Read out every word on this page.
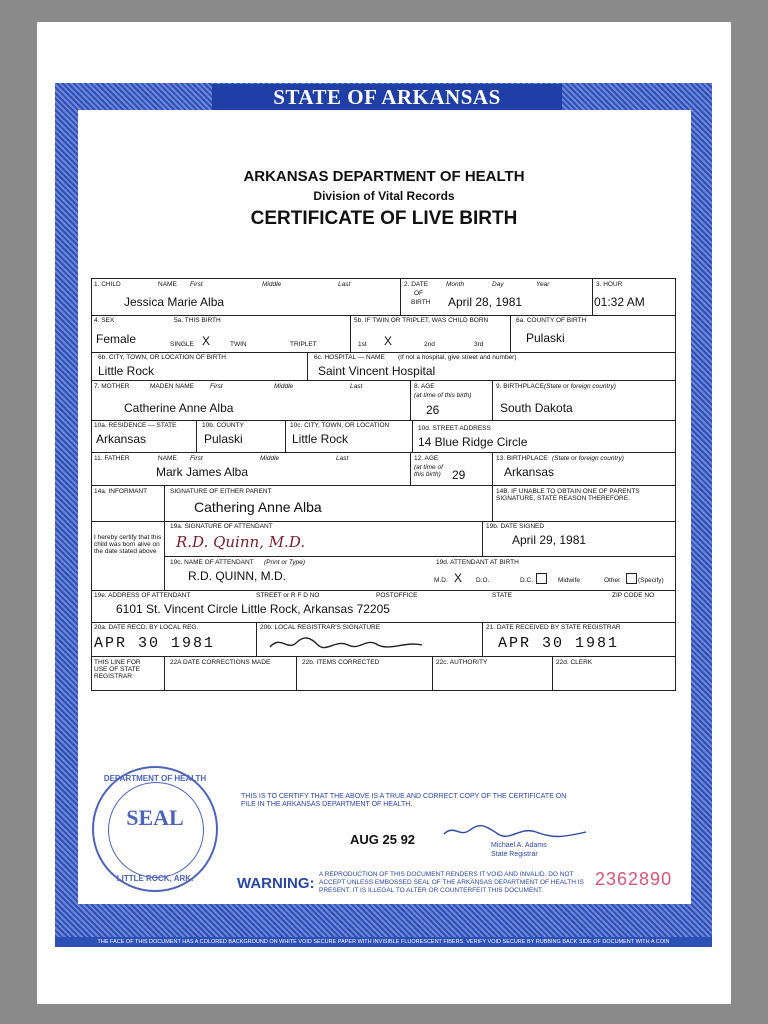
STATE OF ARKANSAS
ARKANSAS DEPARTMENT OF HEALTH
Division of Vital Records
CERTIFICATE OF LIVE BIRTH
1. CHILD	NAME First	Middle	Last
Jessica Marie Alba
2. DATE
OF
BIRTH
Month	Day	Year
April 28, 1981
3. HOUR
01:32 AM
4. SEX
Female
5a. THIS BIRTH
SINGLE X	TWIN	TRIPLET
5b. IF TWIN OR TRIPLET, WAS CHILD BORN
1st X	2nd	3rd
6a. COUNTY OF BIRTH
Pulaski
6b. CITY, TOWN, OR LOCATION OF BIRTH
Little Rock
6c. HOSPITAL — NAME (If not a hospital, give street and number)
Saint Vincent Hospital
7. MOTHER	MADEN NAME First	Middle	Last
Catherine Anne Alba
8. AGE
(at time of this birth)
26
9. BIRTHPLACE (State or foreign country)
South Dakota
10a. RESIDENCE — STATE
Arkansas
10b. COUNTY
Pulaski
10c. CITY, TOWN, OR LOCATION
Little Rock
10d. STREET ADDRESS
14 Blue Ridge Circle
11. FATHER	NAME First	Middle	Last
Mark James Alba
12. AGE
(at time of this birth) 29
13. BIRTHPLACE (State or foreign country)
Arkansas
14a. INFORMANT	SIGNATURE OF EITHER PARENT
Cathering Anne Alba
14B. IF UNABLE TO OBTAIN ONE OF PARENTS SIGNATURE, STATE REASON THEREFORE.
I hereby certify that this child was born alive on the date stated above
19a. SIGNATURE OF ATTENDANT
R.D. Quinn, M.D.
19b. DATE SIGNED
April 29, 1981
19c. NAME OF ATTENDANT (Print or Type)
R.D. QUINN, M.D.
19d. ATTENDANT AT BIRTH
M.D. X D.O.	D.C.	Midwife	Other	(Specify)
19e. ADDRESS OF ATTENDANT	STREET or R F D NO	POSTOFFICE	STATE	ZIP CODE NO
6101 St. Vincent Circle Little Rock, Arkansas 72205
20a. DATE RECD. BY LOCAL REG.
APR 30 1981
20b. LOCAL REGISTRAR'S SIGNATURE	21. DATE RECEIVED BY STATE REGISTRAR
APR 30 1981
THIS LINE FOR USE OF STATE REGISTRAR
22A DATE CORRECTIONS MADE	22b. ITEMS CORRECTED	22c. AUTHORITY	22d. CLERK
DEPARTMENT OF HEALTH
SEAL
LITTLE ROCK, ARK.
THIS IS TO CERTIFY THAT THE ABOVE IS A TRUE AND CORRECT COPY OF THE CERTIFICATE ON FILE IN THE ARKANSAS DEPARTMENT OF HEALTH.
AUG 25 92	Michael A. Adams
State Registrar
WARNING:
A REPRODUCTION OF THIS DOCUMENT RENDERS IT VOID AND INVALID. DO NOT ACCEPT UNLESS EMBOSSED SEAL OF THE ARKANSAS DEPARTMENT OF HEALTH IS PRESENT. IT IS ILLEGAL TO ALTER OR COUNTERFEIT THIS DOCUMENT.
2362890
THE FACE OF THIS DOCUMENT HAS A COLORED BACKGROUND ON WHITE VOID SECURE PAPER WITH INVISIBLE FLUORESCENT FIBERS. VERIFY VOID SECURE BY RUBBING BACK SIDE OF DOCUMENT WITH A COIN
